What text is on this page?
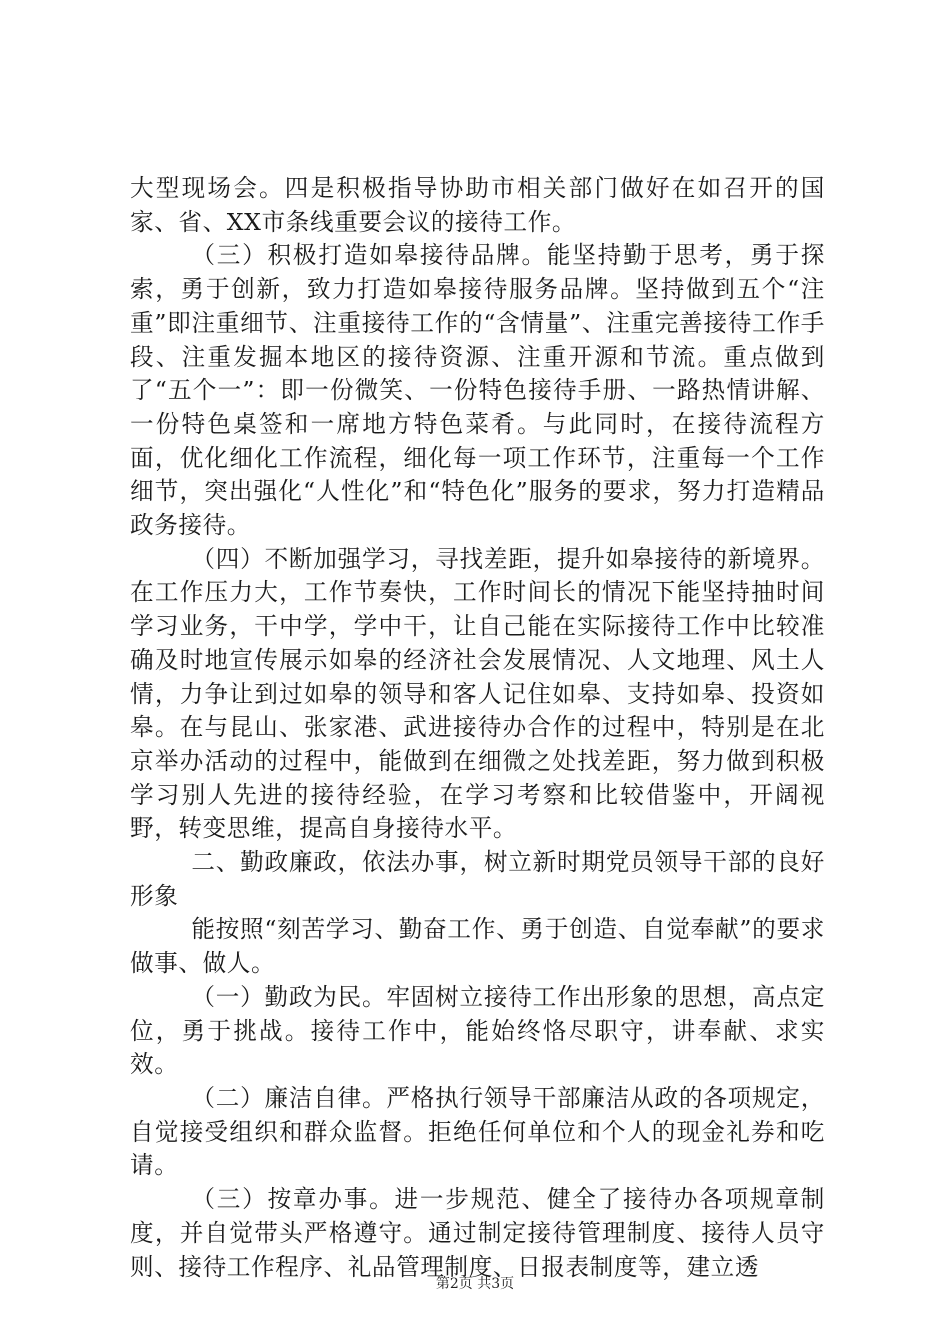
大型现场会。四是积极指导协助市相关部门做好在如召开的国家、省、XX市条线重要会议的接待工作。

（三）积极打造如皋接待品牌。能坚持勤于思考，勇于探索，勇于创新，致力打造如皋接待服务品牌。坚持做到五个“注重”即注重细节、注重接待工作的“含情量”、注重完善接待工作手段、注重发掘本地区的接待资源、注重开源和节流。重点做到了“五个一”：即一份微笑、一份特色接待手册、一路热情讲解、一份特色桌签和一席地方特色菜肴。与此同时，在接待流程方面，优化细化工作流程，细化每一项工作环节，注重每一个工作细节，突出强化“人性化”和“特色化”服务的要求，努力打造精品政务接待。

（四）不断加强学习，寻找差距，提升如皋接待的新境界。在工作压力大，工作节奏快，工作时间长的情况下能坚持抽时间学习业务，干中学，学中干，让自己能在实际接待工作中比较准确及时地宣传展示如皋的经济社会发展情况、人文地理、风土人情，力争让到过如皋的领导和客人记住如皋、支持如皋、投资如皋。在与昆山、张家港、武进接待办合作的过程中，特别是在北京举办活动的过程中，能做到在细微之处找差距，努力做到积极学习别人先进的接待经验，在学习考察和比较借鉴中，开阔视野，转变思维，提高自身接待水平。

二、勤政廉政，依法办事，树立新时期党员领导干部的良好形象

能按照“刻苦学习、勤奋工作、勇于创造、自觉奉献”的要求做事、做人。

（一）勤政为民。牢固树立接待工作出形象的思想，高点定位，勇于挑战。接待工作中，能始终恪尽职守，讲奉献、求实效。

（二）廉洁自律。严格执行领导干部廉洁从政的各项规定，自觉接受组织和群众监督。拒绝任何单位和个人的现金礼券和吃请。

（三）按章办事。进一步规范、健全了接待办各项规章制度，并自觉带头严格遵守。通过制定接待管理制度、接待人员守则、接待工作程序、礼品管理制度、日报表制度等，建立透

第2页 共3页
